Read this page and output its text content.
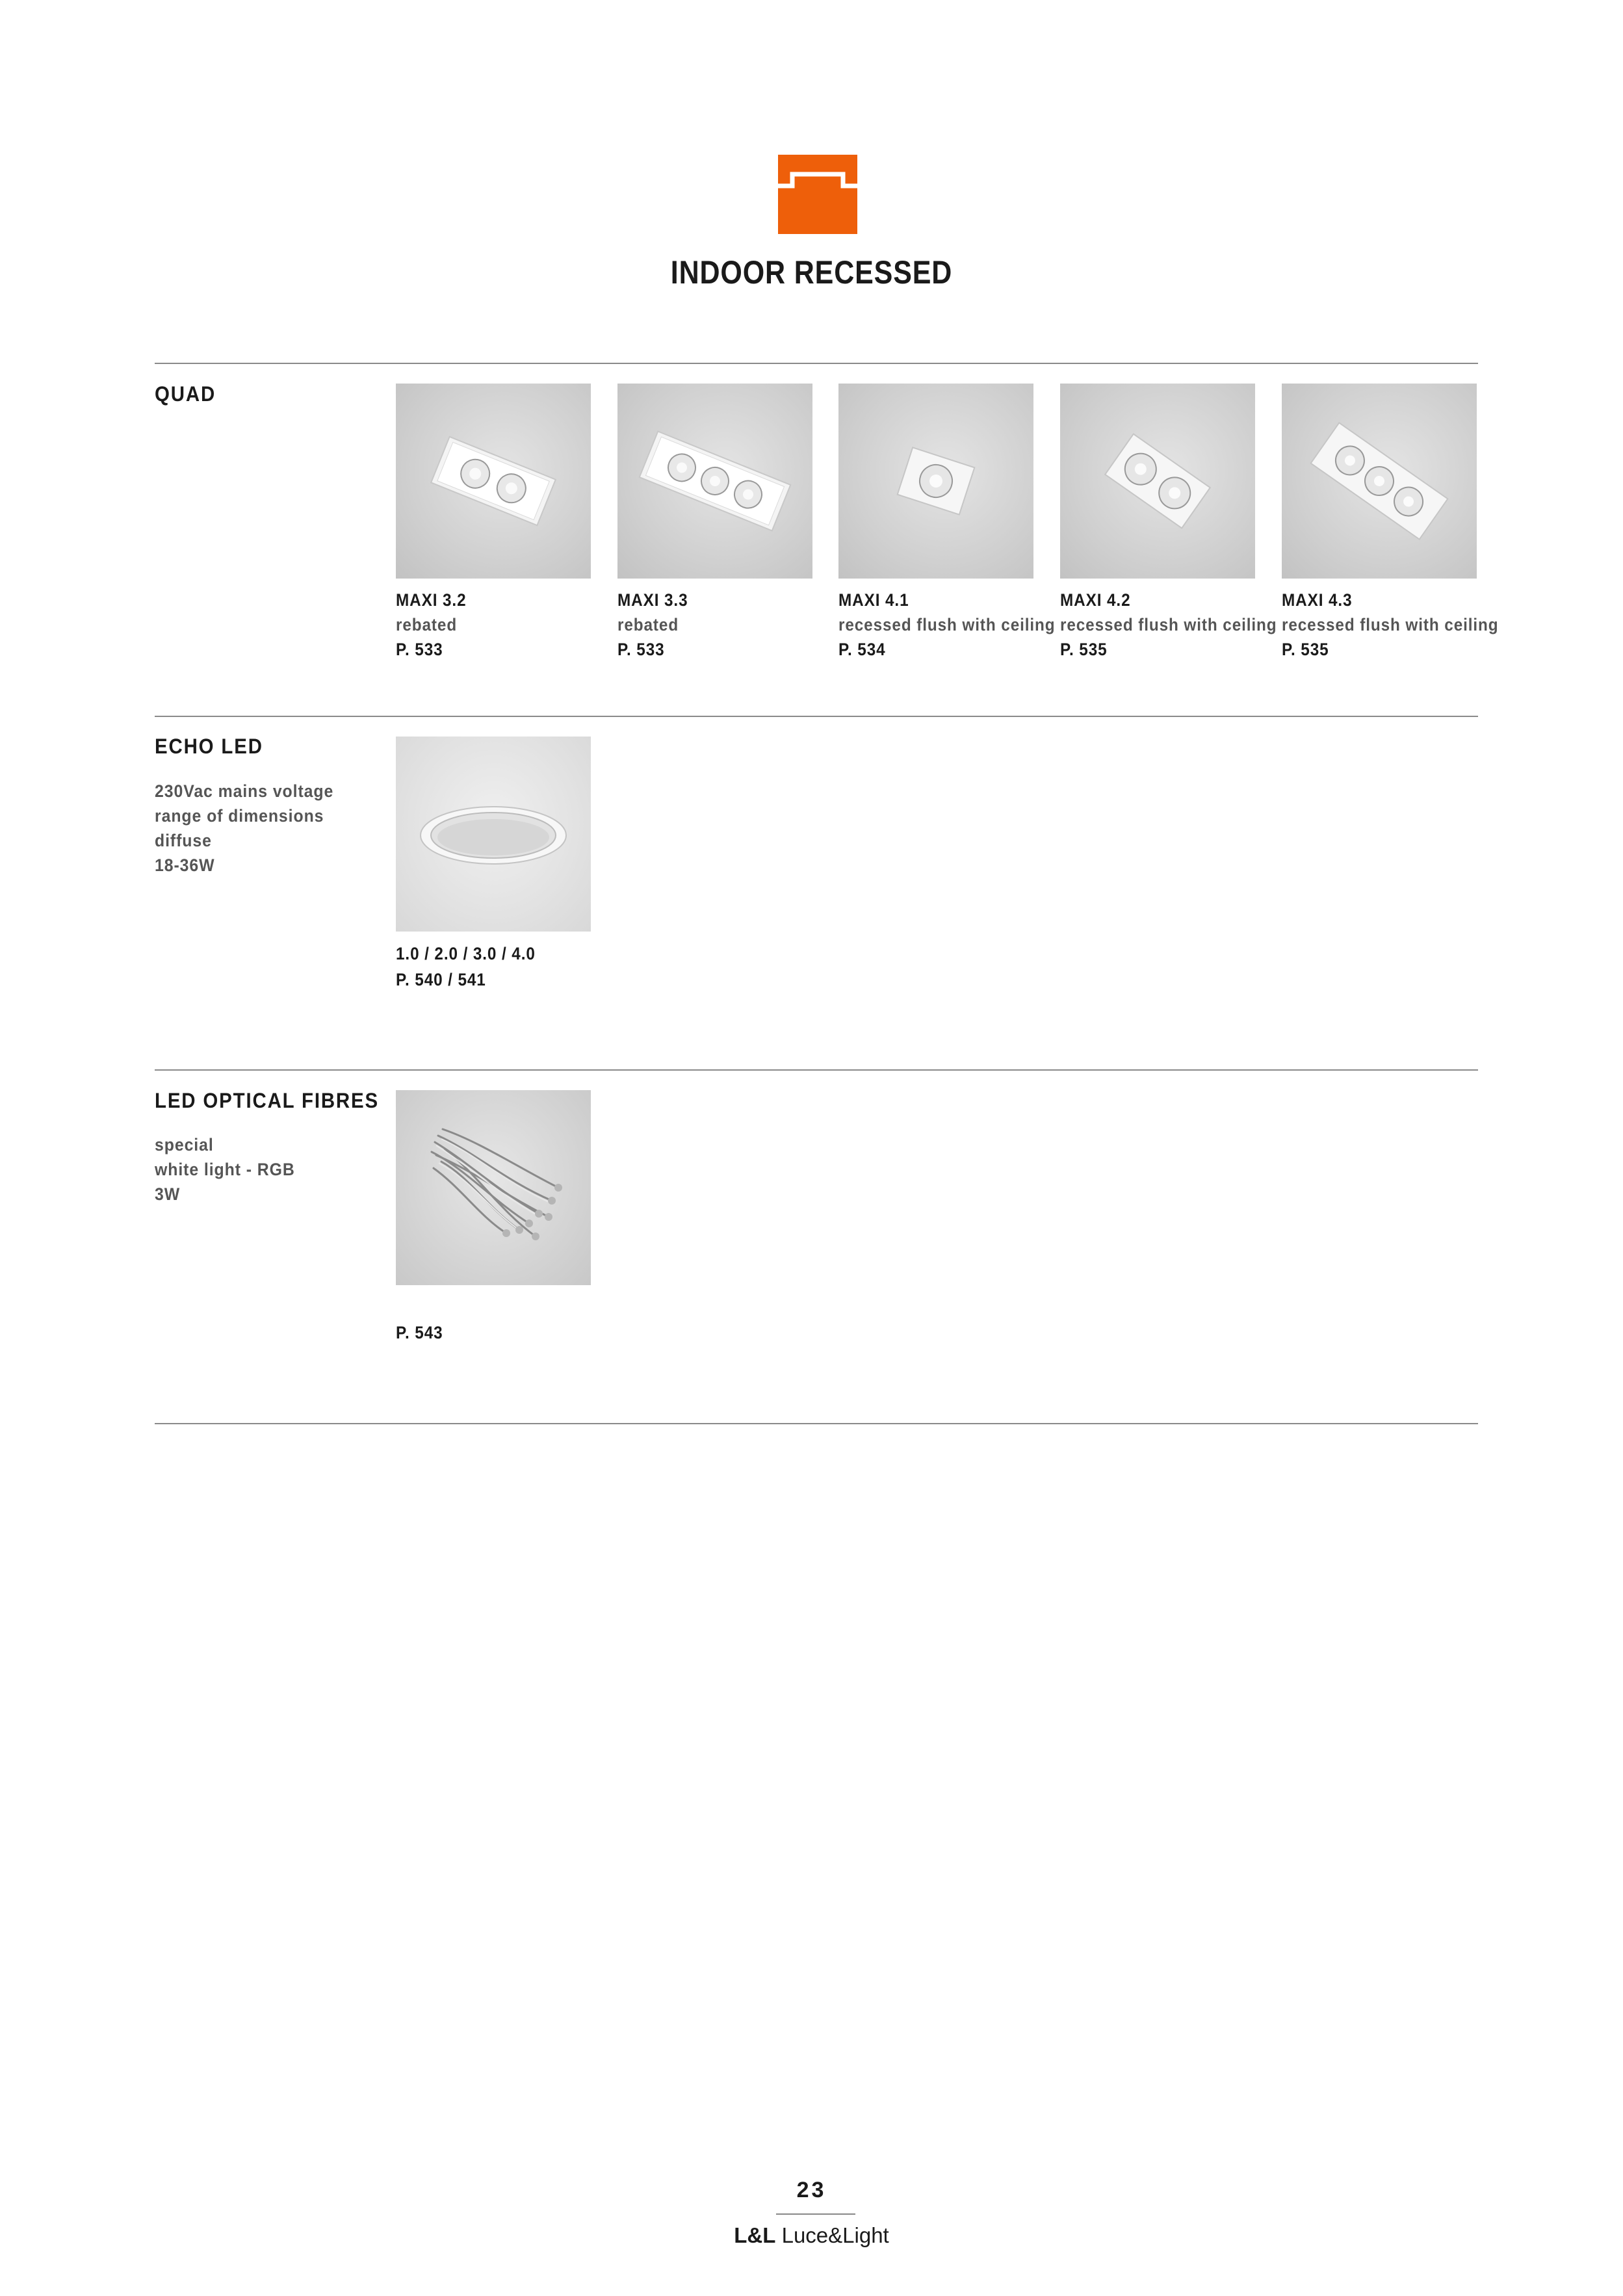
INDOOR RECESSED
QUAD
MAXI 3.2
rebated
P. 533
MAXI 3.3
rebated
P. 533
MAXI 4.1
recessed flush with ceiling
P. 534
MAXI 4.2
recessed flush with ceiling
P. 535
MAXI 4.3
recessed flush with ceiling
P. 535
ECHO LED
230Vac mains voltage
range of dimensions
diffuse
18-36W
1.0 / 2.0 / 3.0 / 4.0
P. 540 / 541
LED OPTICAL FIBRES
special
white light - RGB
3W
P. 543
23
L&L Luce&Light
